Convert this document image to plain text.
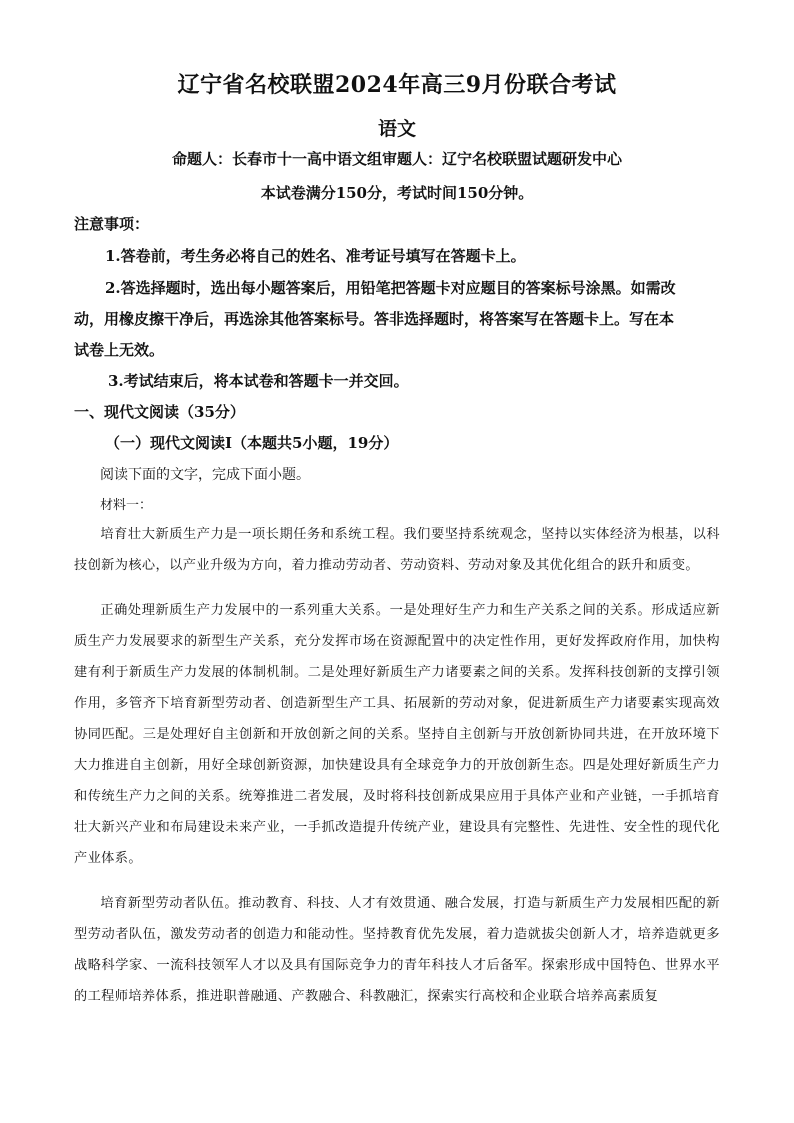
辽宁省名校联盟2024年高三9月份联合考试
语文
命题人：长春市十一高中语文组审题人：辽宁名校联盟试题研发中心
本试卷满分150分，考试时间150分钟。
注意事项：
1.答卷前，考生务必将自己的姓名、准考证号填写在答题卡上。
2.答选择题时，选出每小题答案后，用铅笔把答题卡对应题目的答案标号涂黑。如需改
动，用橡皮擦干净后，再选涂其他答案标号。答非选择题时，将答案写在答题卡上。写在本
试卷上无效。
3.考试结束后，将本试卷和答题卡一并交回。
一、现代文阅读（35分）
（一）现代文阅读Ⅰ（本题共5小题，19分）
阅读下面的文字，完成下面小题。
材料一：

培育壮大新质生产力是一项长期任务和系统工程。我们要坚持系统观念，坚持以实体经济为根基，以科技创新为核心，以产业升级为方向，着力推动劳动者、劳动资料、劳动对象及其优化组合的跃升和质变。

正确处理新质生产力发展中的一系列重大关系。一是处理好生产力和生产关系之间的关系。形成适应新质生产力发展要求的新型生产关系，充分发挥市场在资源配置中的决定性作用，更好发挥政府作用，加快构建有利于新质生产力发展的体制机制。二是处理好新质生产力诸要素之间的关系。发挥科技创新的支撑引领作用，多管齐下培育新型劳动者、创造新型生产工具、拓展新的劳动对象，促进新质生产力诸要素实现高效协同匹配。三是处理好自主创新和开放创新之间的关系。坚持自主创新与开放创新协同共进，在开放环境下大力推进自主创新，用好全球创新资源，加快建设具有全球竞争力的开放创新生态。四是处理好新质生产力和传统生产力之间的关系。统筹推进二者发展，及时将科技创新成果应用于具体产业和产业链，一手抓培育壮大新兴产业和布局建设未来产业，一手抓改造提升传统产业，建设具有完整性、先进性、安全性的现代化产业体系。

培育新型劳动者队伍。推动教育、科技、人才有效贯通、融合发展，打造与新质生产力发展相匹配的新型劳动者队伍，激发劳动者的创造力和能动性。坚持教育优先发展，着力造就拔尖创新人才，培养造就更多战略科学家、一流科技领军人才以及具有国际竞争力的青年科技人才后备军。探索形成中国特色、世界水平的工程师培养体系，推进职普融通、产教融合、科教融汇，探索实行高校和企业联合培养高素质复
